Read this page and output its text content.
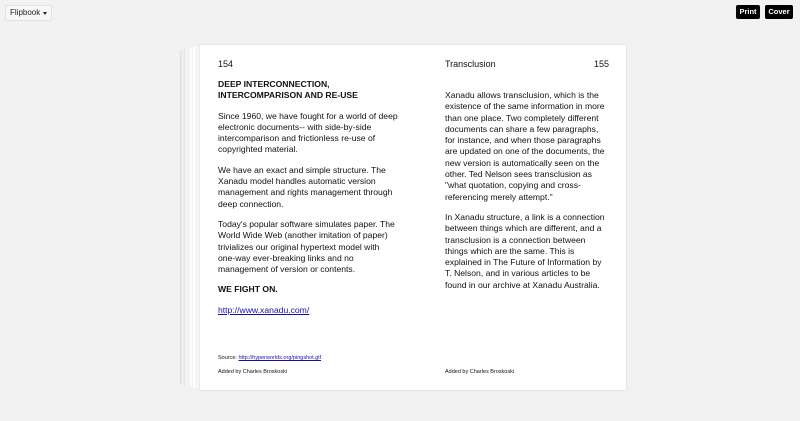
Flipbook	Print	Cover
154
DEEP INTERCONNECTION, INTERCOMPARISON AND RE-USE
Since 1960, we have fought for a world of deep electronic documents-- with side-by-side intercomparison and frictionless re-use of copyrighted material.
We have an exact and simple structure. The Xanadu model handles automatic version management and rights management through deep connection.
Today's popular software simulates paper. The World Wide Web (another imitation of paper) trivializes our original hypertext model with one-way ever-breaking links and no management of version or contents.
WE FIGHT ON.
http://www.xanadu.com/
Source: http://hyperworlds.org/pingshot.gif
Added by Charles Broskoski
Transclusion	155
Xanadu allows transclusion, which is the existence of the same information in more than one place. Two completely different documents can share a few paragraphs, for instance, and when those paragraphs are updated on one of the documents, the new version is automatically seen on the other. Ted Nelson sees transclusion as "what quotation, copying and cross-referencing merely attempt."
In Xanadu structure, a link is a connection between things which are different, and a transclusion is a connection between things which are the same. This is explained in The Future of Information by T. Nelson, and in various articles to be found in our archive at Xanadu Australia.
Added by Charles Broskoski
